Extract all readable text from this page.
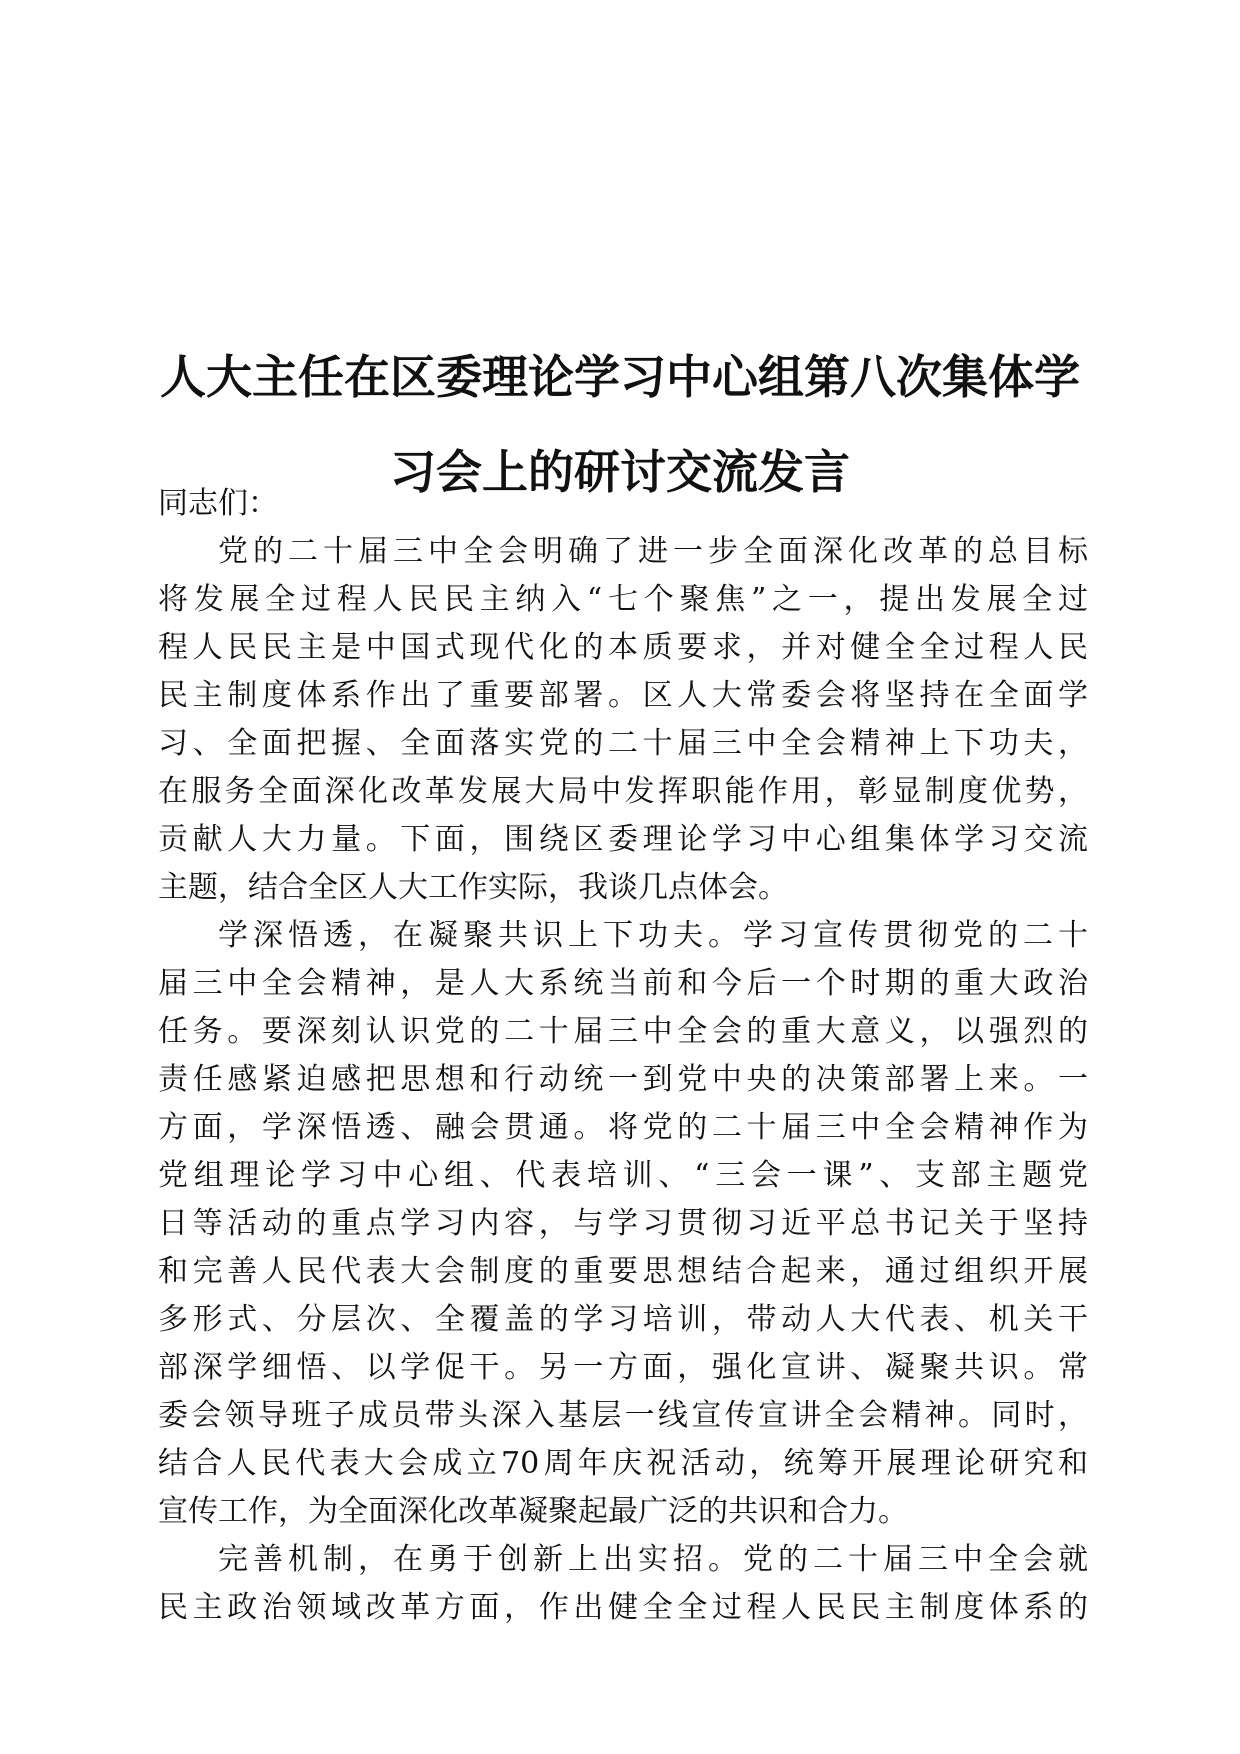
人大主任在区委理论学习中心组第八次集体学
习会上的研讨交流发言

同志们：

党的二十届三中全会明确了进一步全面深化改革的总目标
将发展全过程人民民主纳入“七个聚焦”之一，提出发展全过
程人民民主是中国式现代化的本质要求，并对健全全过程人民
民主制度体系作出了重要部署。区人大常委会将坚持在全面学
习、全面把握、全面落实党的二十届三中全会精神上下功夫，
在服务全面深化改革发展大局中发挥职能作用，彰显制度优势，
贡献人大力量。下面，围绕区委理论学习中心组集体学习交流
主题，结合全区人大工作实际，我谈几点体会。
学深悟透，在凝聚共识上下功夫。学习宣传贯彻党的二十
届三中全会精神，是人大系统当前和今后一个时期的重大政治
任务。要深刻认识党的二十届三中全会的重大意义，以强烈的
责任感紧迫感把思想和行动统一到党中央的决策部署上来。一
方面，学深悟透、融会贯通。将党的二十届三中全会精神作为
党组理论学习中心组、代表培训、“三会一课”、支部主题党
日等活动的重点学习内容，与学习贯彻习近平总书记关于坚持
和完善人民代表大会制度的重要思想结合起来，通过组织开展
多形式、分层次、全覆盖的学习培训，带动人大代表、机关干
部深学细悟、以学促干。另一方面，强化宣讲、凝聚共识。常
委会领导班子成员带头深入基层一线宣传宣讲全会精神。同时，
结合人民代表大会成立70周年庆祝活动，统筹开展理论研究和
宣传工作，为全面深化改革凝聚起最广泛的共识和合力。
完善机制，在勇于创新上出实招。党的二十届三中全会就
民主政治领域改革方面，作出健全全过程人民民主制度体系的
